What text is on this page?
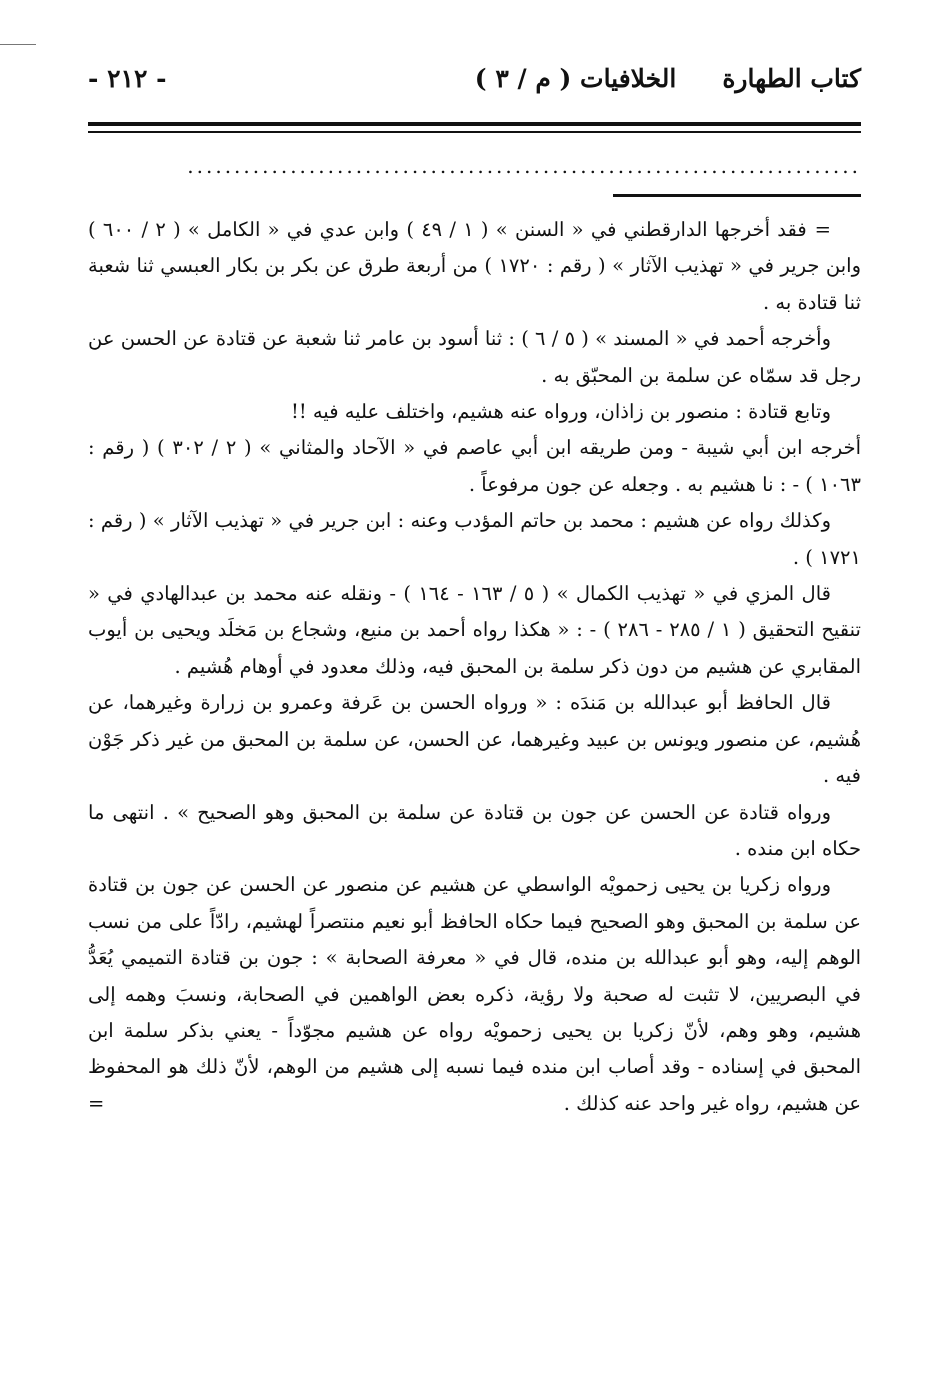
كتاب الطهارة
الخلافيات ( م / ٣ )
- ٢١٢ -
........................................................................

=فقد أخرجها الدارقطني في « السنن » ( ١ / ٤٩ ) وابن عدي في « الكامل » ( ٢ / ٦٠٠ ) وابن جرير في « تهذيب الآثار » ( رقم : ١٧٢٠ ) من أربعة طرق عن بكر بن بكار العبسي ثنا شعبة ثنا قتادة به .

وأخرجه أحمد في « المسند » ( ٥ / ٦ ) : ثنا أسود بن عامر ثنا شعبة عن قتادة عن الحسن عن رجل قد سمّاه عن سلمة بن المحبّق به .

وتابع قتادة : منصور بن زاذان، ورواه عنه هشيم، واختلف عليه فيه !!

أخرجه ابن أبي شيبة - ومن طريقه ابن أبي عاصم في « الآحاد والمثاني » ( ٢ / ٣٠٢ ) ( رقم : ١٠٦٣ ) - : نا هشيم به . وجعله عن جون مرفوعاً .

وكذلك رواه عن هشيم : محمد بن حاتم المؤدب وعنه : ابن جرير في « تهذيب الآثار » ( رقم : ١٧٢١ ) .

قال المزي في « تهذيب الكمال » ( ٥ / ١٦٣ - ١٦٤ ) - ونقله عنه محمد بن عبدالهادي في « تنقيح التحقيق ( ١ / ٢٨٥ - ٢٨٦ ) - : « هكذا رواه أحمد بن منيع، وشجاع بن مَخلَد ويحيى بن أيوب المقابري عن هشيم من دون ذكر سلمة بن المحبق فيه، وذلك معدود في أوهام هُشيم .

قال الحافظ أبو عبدالله بن مَندَه : « ورواه الحسن بن عَرفة وعمرو بن زرارة وغيرهما، عن هُشيم، عن منصور ويونس بن عبيد وغيرهما، عن الحسن، عن سلمة بن المحبق من غير ذكر جَوْن فيه .

ورواه قتادة عن الحسن عن جون بن قتادة عن سلمة بن المحبق وهو الصحيح » . انتهى ما حكاه ابن منده .

ورواه زكريا بن يحيى زحمويْه الواسطي عن هشيم عن منصور عن الحسن عن جون بن قتادة عن سلمة بن المحبق وهو الصحيح فيما حكاه الحافظ أبو نعيم منتصراً لهشيم، رادّاً على من نسب الوهم إليه، وهو أبو عبدالله بن منده، قال في « معرفة الصحابة » : جون بن قتادة التميمي يُعَدُّ في البصريين، لا تثبت له صحبة ولا رؤية، ذكره بعض الواهمين في الصحابة، ونسبَ وهمه إلى هشيم، وهو وهم، لأنّ زكريا بن يحيى زحمويْه رواه عن هشيم مجوّداً - يعني بذكر سلمة ابن المحبق في إسناده - وقد أصاب ابن منده فيما نسبه إلى هشيم من الوهم، لأنّ ذلك هو المحفوظ عن هشيم، رواه غير واحد عنه كذلك .
=
